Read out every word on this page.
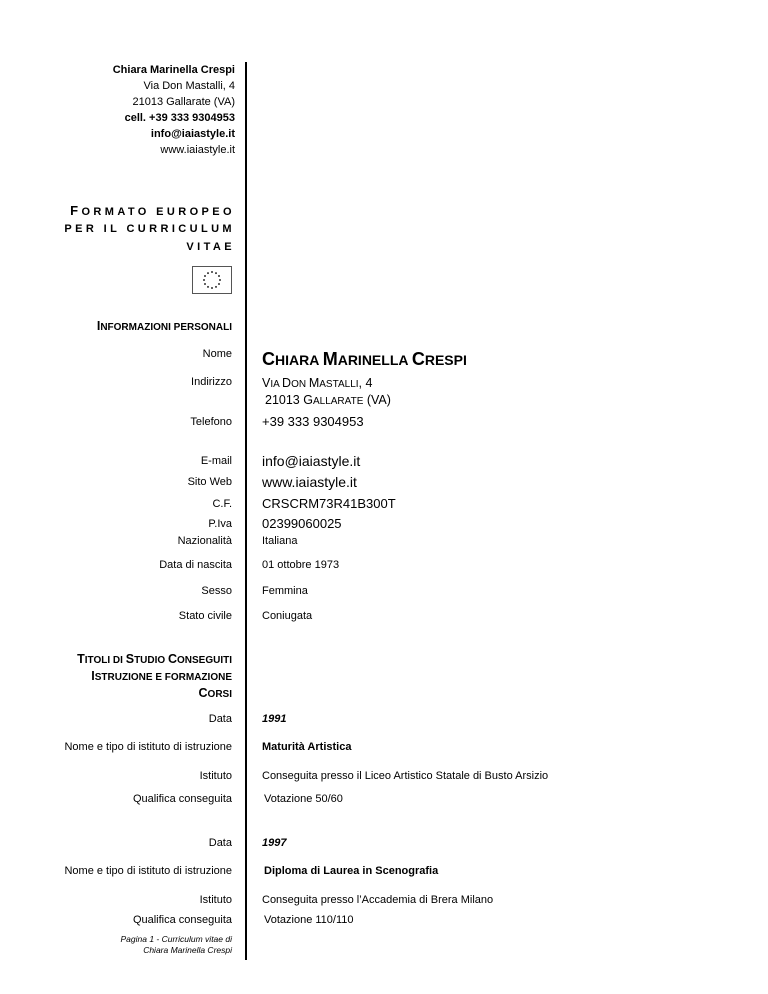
Chiara Marinella Crespi
Via Don Mastalli, 4
21013 Gallarate (VA)
cell. +39 333 9304953
info@iaiastyle.it
www.iaiastyle.it
FORMATO EUROPEO
PER IL CURRICULUM
VITAE
INFORMAZIONI PERSONALI
Nome CHIARA MARINELLA CRESPI
Indirizzo VIA DON MASTALLI, 4
21013 GALLARATE (VA)
Telefono +39 333 9304953
E-mail info@iaiastyle.it
Sito Web www.iaiastyle.it
C.F. CRSCRM73R41B300T
P.Iva 02399060025
Nazionalità	Italiana
Data di nascita	01 ottobre 1973
Sesso	Femmina
Stato civile	Coniugata
TITOLI DI STUDIO CONSEGUITI
ISTRUZIONE E FORMAZIONE
CORSI
Data	1991
Nome e tipo di istituto di istruzione	Maturità Artistica
Istituto	Conseguita presso il Liceo Artistico Statale di Busto Arsizio
Qualifica conseguita	Votazione 50/60
Data	1997
Nome e tipo di istituto di istruzione	Diploma di Laurea in Scenografia
Istituto	Conseguita presso l’Accademia di Brera Milano
Qualifica conseguita	Votazione 110/110
Pagina 1 - Curriculum vitae di
Chiara Marinella Crespi
